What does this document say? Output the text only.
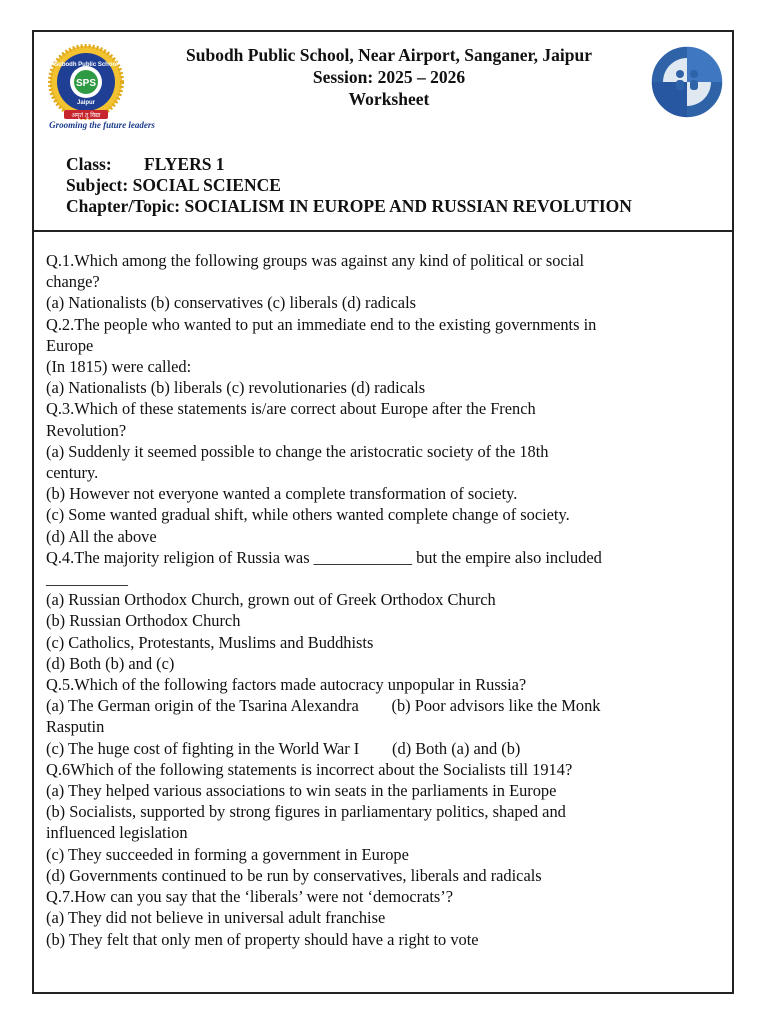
SPS
Subodh Public School
Jaipur
अमृतं तु विद्या
Grooming the future leaders
Subodh Public School, Near Airport, Sanganer, Jaipur
Session: 2025 – 2026
Worksheet
Class: FLYERS 1
Subject: SOCIAL SCIENCE
Chapter/Topic: SOCIALISM IN EUROPE AND RUSSIAN REVOLUTION

Q.1.Which among the following groups was against any kind of political or social

change?

(a) Nationalists (b) conservatives (c) liberals (d) radicals

Q.2.The people who wanted to put an immediate end to the existing governments in

Europe

(In 1815) were called:

(a) Nationalists (b) liberals (c) revolutionaries (d) radicals

Q.3.Which of these statements is/are correct about Europe after the French

Revolution?

(a) Suddenly it seemed possible to change the aristocratic society of the 18th

century.

(b) However not everyone wanted a complete transformation of society.

(c) Some wanted gradual shift, while others wanted complete change of society.

(d) All the above

Q.4.The majority religion of Russia was ____________ but the empire also included

__________

(a) Russian Orthodox Church, grown out of Greek Orthodox Church

(b) Russian Orthodox Church

(c) Catholics, Protestants, Muslims and Buddhists

(d) Both (b) and (c)

Q.5.Which of the following factors made autocracy unpopular in Russia?

(a) The German origin of the Tsarina Alexandra        (b) Poor advisors like the Monk

Rasputin

(c) The huge cost of fighting in the World War I        (d) Both (a) and (b)

Q.6Which of the following statements is incorrect about the Socialists till 1914?

(a) They helped various associations to win seats in the parliaments in Europe

(b) Socialists, supported by strong figures in parliamentary politics, shaped and

influenced legislation

(c) They succeeded in forming a government in Europe

(d) Governments continued to be run by conservatives, liberals and radicals

Q.7.How can you say that the ‘liberals’ were not ‘democrats’?

(a) They did not believe in universal adult franchise

(b) They felt that only men of property should have a right to vote
